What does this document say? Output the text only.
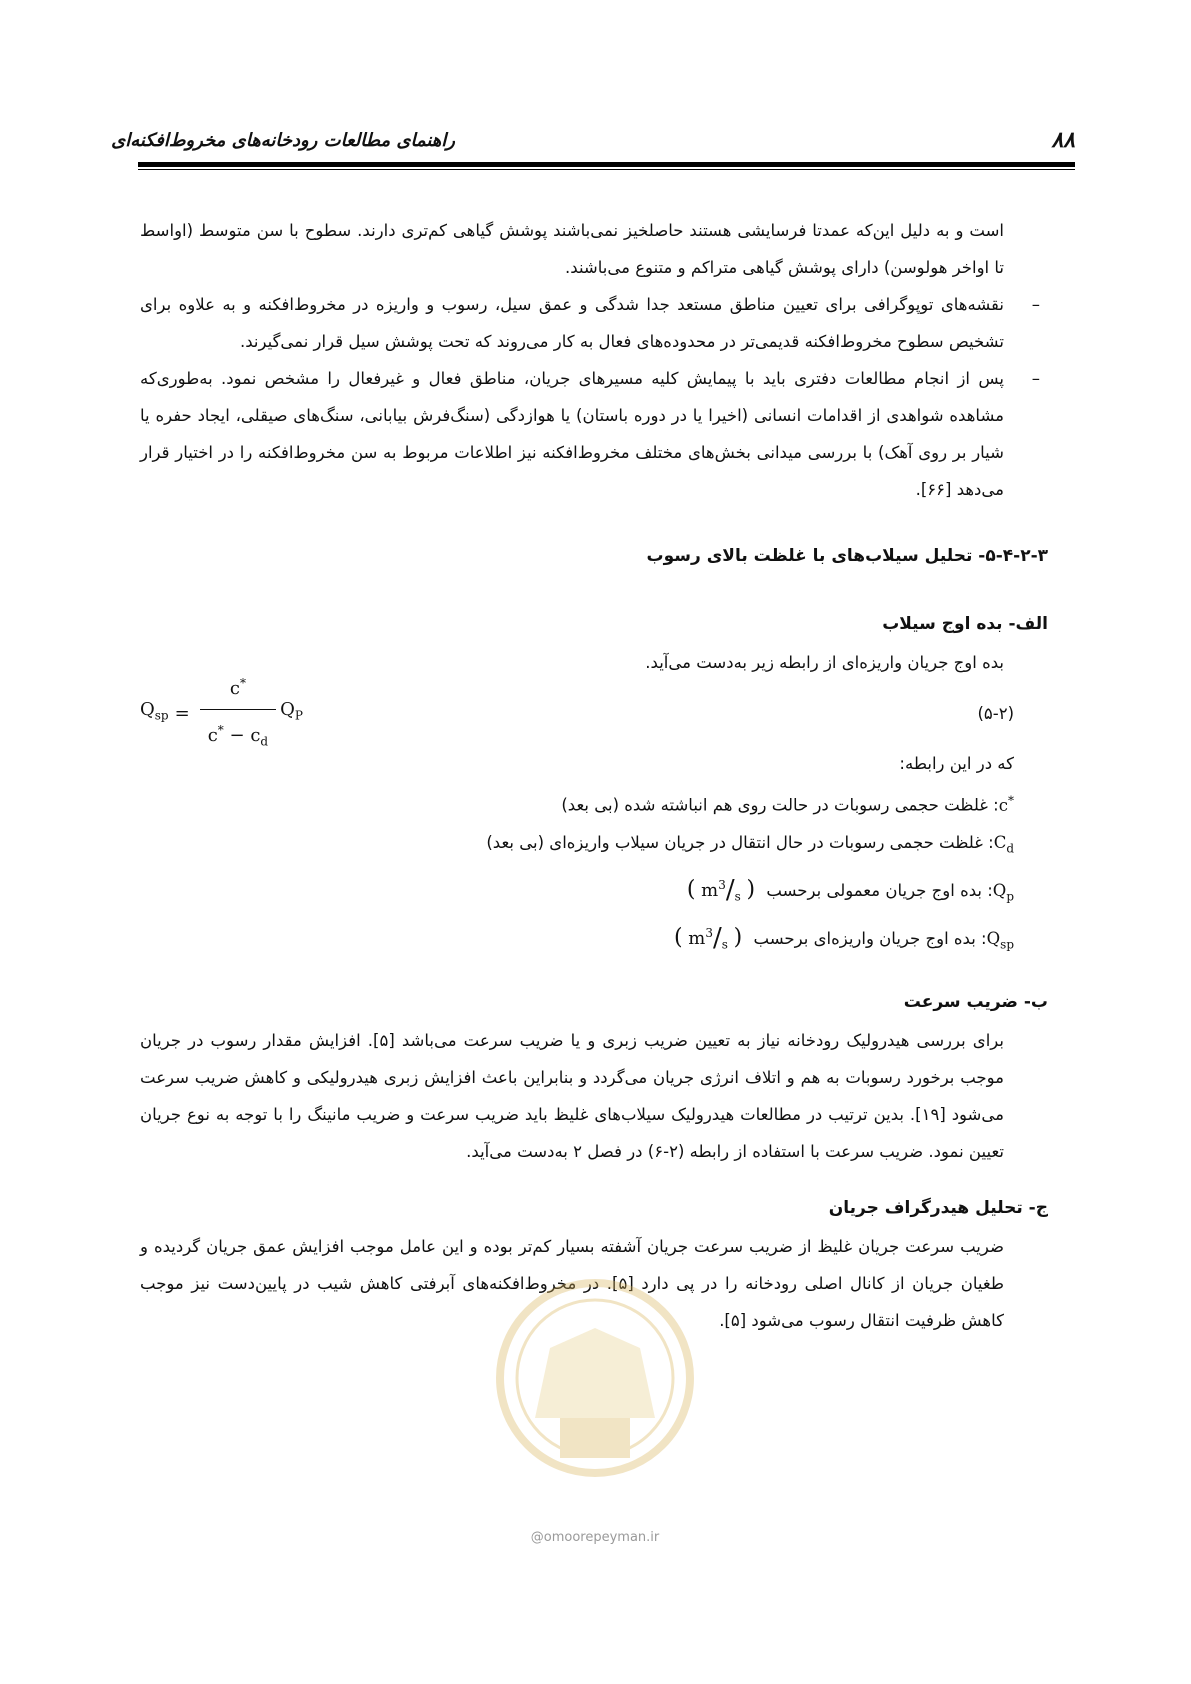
راهنمای مطالعات رودخانه‌های مخروط‌افکنه‌ای	۸۸

است و به دلیل این‌که عمدتا فرسایشی هستند حاصلخیز نمی‌باشند پوشش گیاهی کم‌تری دارند. سطوح با سن متوسط (اواسط تا اواخر هولوسن) دارای پوشش گیاهی متراکم و متنوع می‌باشند.

–

نقشه‌های توپوگرافی برای تعیین مناطق مستعد جدا شدگی و عمق سیل، رسوب و واریزه در مخروط‌افکنه و به علاوه برای تشخیص سطوح مخروط‌افکنه قدیمی‌تر در محدوده‌های فعال به کار می‌روند که تحت پوشش سیل قرار نمی‌گیرند.

–

پس از انجام مطالعات دفتری باید با پیمایش کلیه مسیرهای جریان، مناطق فعال و غیرفعال را مشخص نمود. به‌طوری‌که مشاهده شواهدی از اقدامات انسانی (اخیرا یا در دوره باستان) یا هوازدگی (سنگ‌فرش بیابانی، سنگ‌های صیقلی، ایجاد حفره یا شیار بر روی آهک) با بررسی میدانی بخش‌های مختلف مخروط‌افکنه نیز اطلاعات مربوط به سن مخروط‌افکنه را در اختیار قرار می‌دهد [۶۶].

۵-۴-۲-۳- تحلیل سیلاب‌های با غلظت بالای رسوب
الف- بده اوج سیلاب

بده اوج جریان واریزه‌ای از رابطه زیر به‌دست می‌آید.

(۵-۲)
$Q_{sp} = \frac{c^*}{c^* - c_d} Q_P$

که در این رابطه:

c*: غلظت حجمی رسوبات در حالت روی هم انباشته شده (بی بعد)

$C_d$: غلظت حجمی رسوبات در حال انتقال در جریان سیلاب واریزه‌ای (بی بعد)

$Q_p$: بده اوج جریان معمولی برحسب ( $m^3/_s$ )

$Q_{sp}$: بده اوج جریان واریزه‌ای برحسب ( $m^3/_s$ )

ب- ضریب سرعت

برای بررسی هیدرولیک رودخانه نیاز به تعیین ضریب زبری و یا ضریب سرعت می‌باشد [۵]. افزایش مقدار رسوب در جریان موجب برخورد رسوبات به هم و اتلاف انرژی جریان می‌گردد و بنابراین باعث افزایش زبری هیدرولیکی و کاهش ضریب سرعت می‌شود [۱۹]. بدین ترتیب در مطالعات هیدرولیک سیلاب‌های غلیظ باید ضریب سرعت و ضریب مانینگ را با توجه به نوع جریان تعیین نمود. ضریب سرعت با استفاده از رابطه (۲-۶) در فصل ۲ به‌دست می‌آید.

ج- تحلیل هیدرگراف جریان

ضریب سرعت جریان غلیظ از ضریب سرعت جریان آشفته بسیار کم‌تر بوده و این عامل موجب افزایش عمق جریان گردیده و طغیان جریان از کانال اصلی رودخانه را در پی دارد [۵]. در مخروط‌افکنه‌های آبرفتی کاهش شیب در پایین‌دست نیز موجب کاهش ظرفیت انتقال رسوب می‌شود [۵].

@omoorepeyman.ir
